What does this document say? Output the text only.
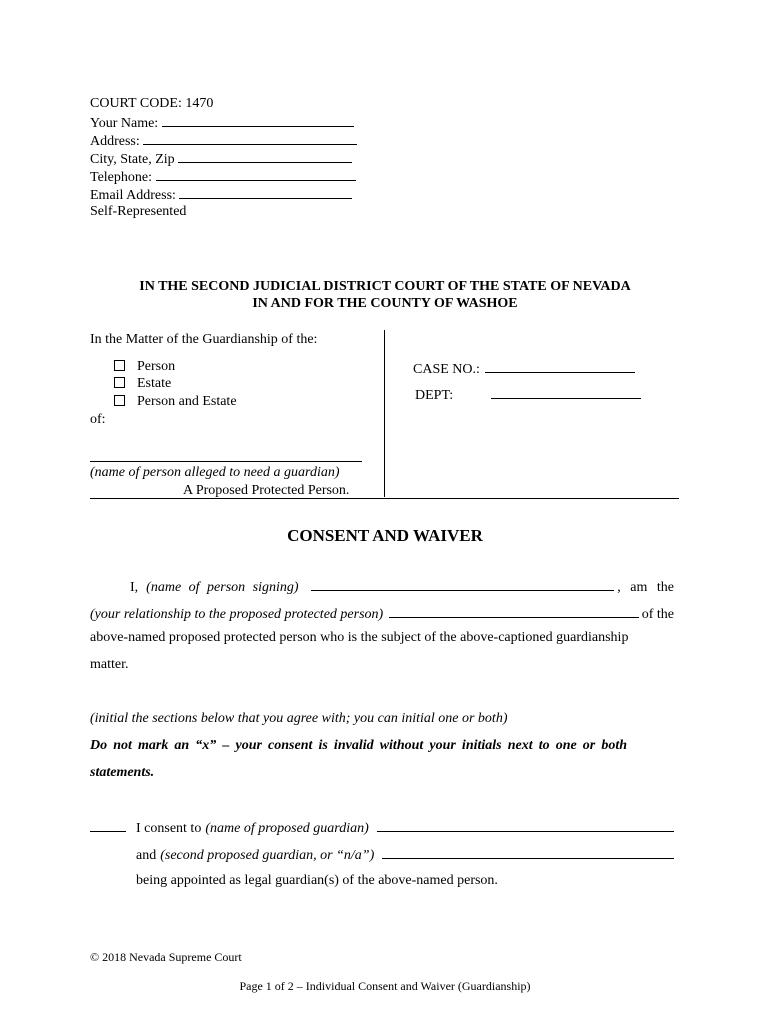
COURT CODE: 1470
Your Name:
Address:
City, State, Zip
Telephone:
Email Address:
Self-Represented
IN THE SECOND JUDICIAL DISTRICT COURT OF THE STATE OF NEVADA
IN AND FOR THE COUNTY OF WASHOE
In the Matter of the Guardianship of the:
Person
Estate
Person and Estate
of:
(name of person alleged to need a guardian)
A Proposed Protected Person.
CASE NO.:
DEPT:
CONSENT AND WAIVER
I, (name of person signing)	, am the
(your relationship to the proposed protected person)	of the
above-named proposed protected person who is the subject of the above-captioned guardianship
matter.
(initial the sections below that you agree with; you can initial one or both)
Do not mark an “x” – your consent is invalid without your initials next to one or both
statements.
I consent to (name of proposed guardian)
and (second proposed guardian, or “n/a”)
being appointed as legal guardian(s) of the above-named person.
© 2018 Nevada Supreme Court
Page 1 of 2 – Individual Consent and Waiver (Guardianship)
